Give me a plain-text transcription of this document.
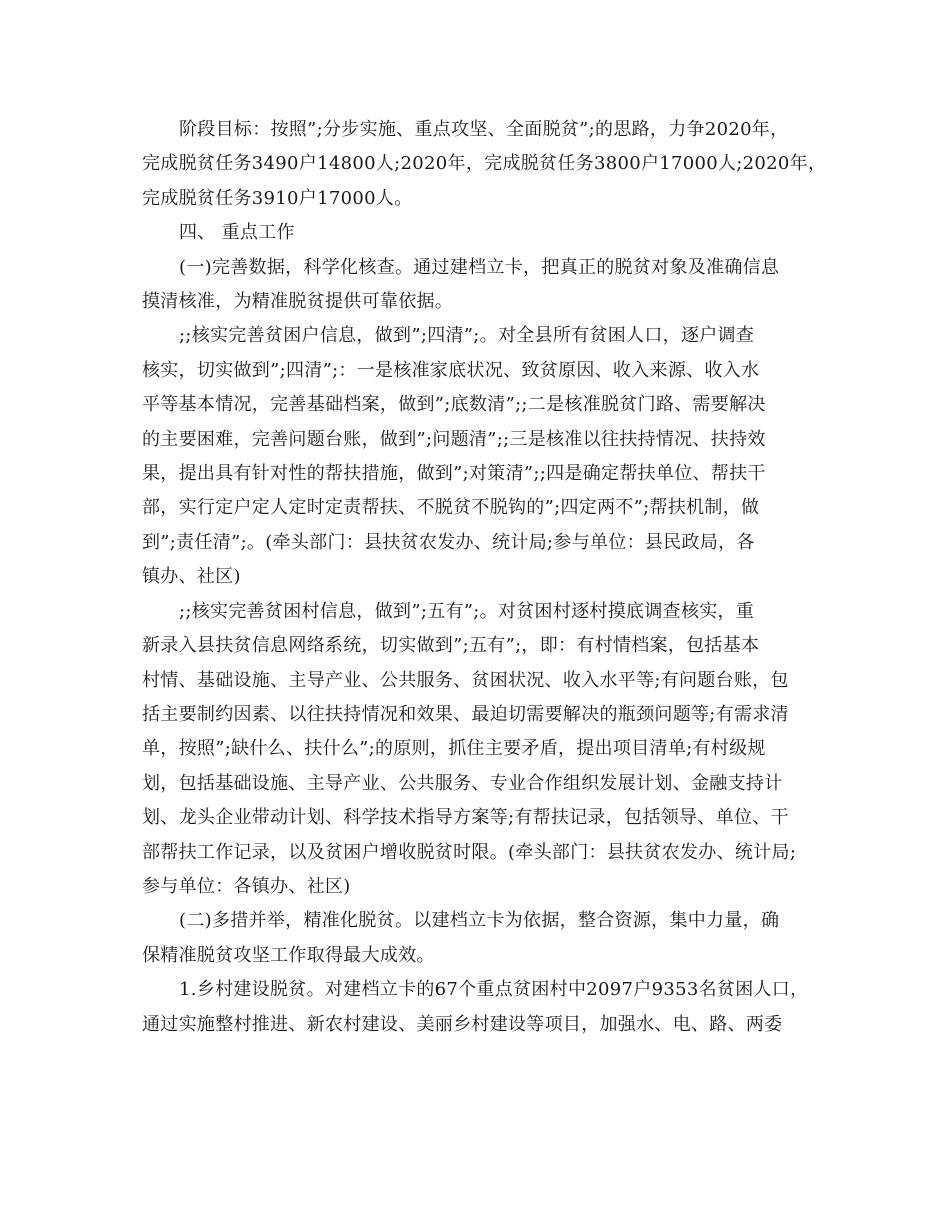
阶段目标：按照”;分步实施、重点攻坚、全面脱贫”;的思路，力争2020年，
完成脱贫任务3490户14800人;2020年，完成脱贫任务3800户17000人;2020年，
完成脱贫任务3910户17000人。
四、 重点工作
(一)完善数据，科学化核查。通过建档立卡，把真正的脱贫对象及准确信息
摸清核准，为精准脱贫提供可靠依据。
;;核实完善贫困户信息，做到”;四清”;。对全县所有贫困人口，逐户调查
核实，切实做到”;四清”;：一是核准家底状况、致贫原因、收入来源、收入水
平等基本情况，完善基础档案，做到”;底数清”;;二是核准脱贫门路、需要解决
的主要困难，完善问题台账，做到”;问题清”;;三是核准以往扶持情况、扶持效
果，提出具有针对性的帮扶措施，做到”;对策清”;;四是确定帮扶单位、帮扶干
部，实行定户定人定时定责帮扶、不脱贫不脱钩的”;四定两不”;帮扶机制，做
到”;责任清”;。(牵头部门：县扶贫农发办、统计局;参与单位：县民政局，各
镇办、社区)
;;核实完善贫困村信息，做到”;五有”;。对贫困村逐村摸底调查核实，重
新录入县扶贫信息网络系统，切实做到”;五有”;，即：有村情档案，包括基本
村情、基础设施、主导产业、公共服务、贫困状况、收入水平等;有问题台账，包
括主要制约因素、以往扶持情况和效果、最迫切需要解决的瓶颈问题等;有需求清
单，按照”;缺什么、扶什么”;的原则，抓住主要矛盾，提出项目清单;有村级规
划，包括基础设施、主导产业、公共服务、专业合作组织发展计划、金融支持计
划、龙头企业带动计划、科学技术指导方案等;有帮扶记录，包括领导、单位、干
部帮扶工作记录，以及贫困户增收脱贫时限。(牵头部门：县扶贫农发办、统计局;
参与单位：各镇办、社区)
(二)多措并举，精准化脱贫。以建档立卡为依据，整合资源，集中力量，确
保精准脱贫攻坚工作取得最大成效。
1.乡村建设脱贫。对建档立卡的67个重点贫困村中2097户9353名贫困人口，
通过实施整村推进、新农村建设、美丽乡村建设等项目，加强水、电、路、两委
